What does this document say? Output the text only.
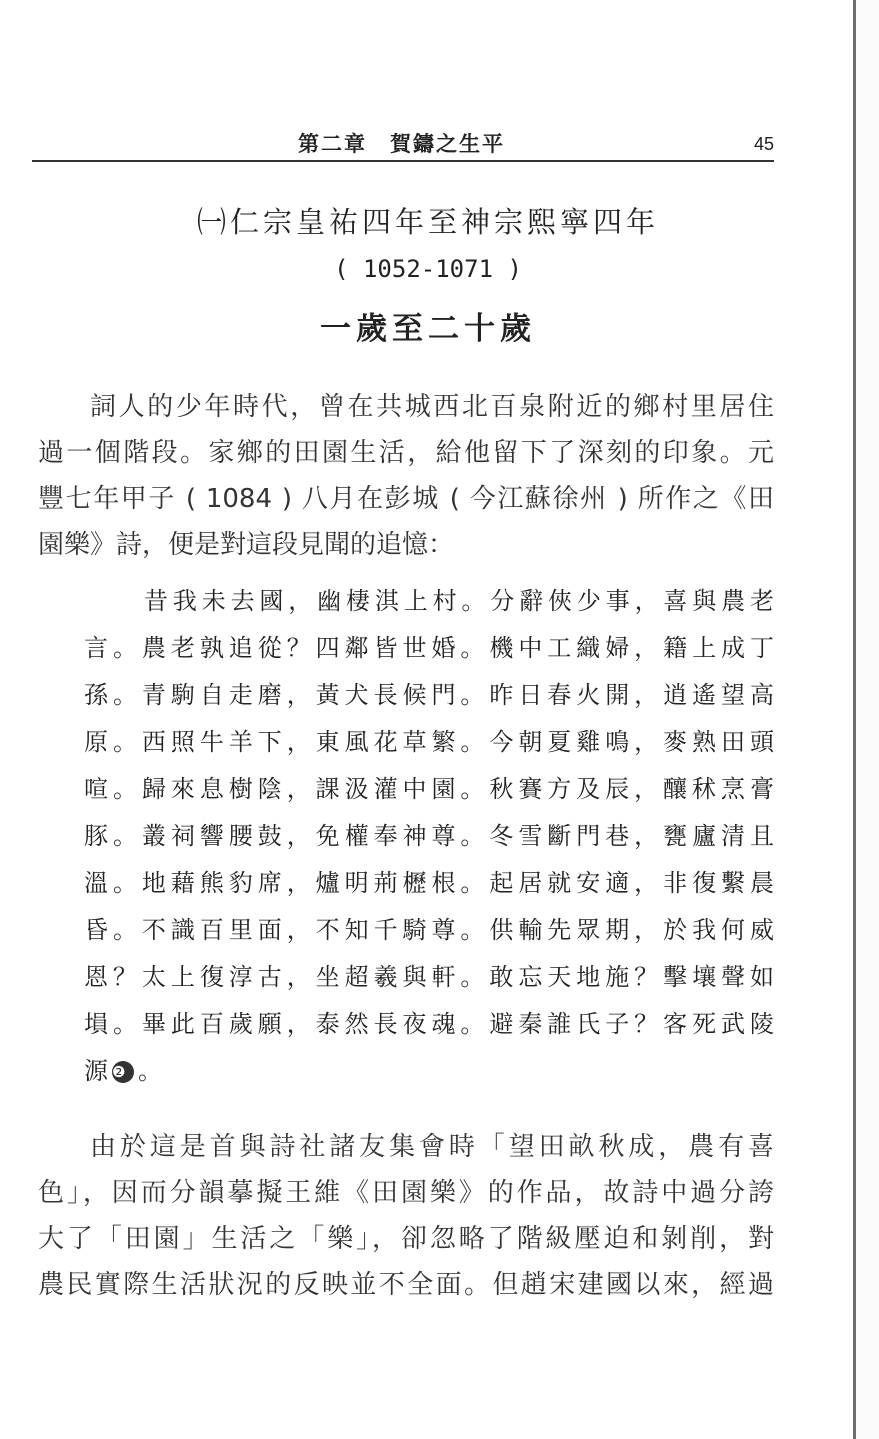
第二章　賀鑄之生平	45
㈠仁宗皇祐四年至神宗熙寧四年
( 1052-1071 )
一歲至二十歲
詞人的少年時代，曾在共城西北百泉附近的鄉村里居住
過一個階段。家鄉的田園生活，給他留下了深刻的印象。元
豐七年甲子 ( 1084 ) 八月在彭城 ( 今江蘇徐州 ) 所作之《田
園樂》詩，便是對這段見聞的追憶：
昔我未去國，幽棲淇上村。分辭俠少事，喜與農老
言。農老孰追從？四鄰皆世婚。機中工織婦，籍上成丁
孫。青駒自走磨，黃犬長候門。昨日春火開，逍遙望高
原。西照牛羊下，東風花草繁。今朝夏雞鳴，麥熟田頭
喧。歸來息樹陰，課汲灌中園。秋賽方及辰，釀秫烹膏
豚。叢祠響腰鼓，免權奉神尊。冬雪斷門巷，甕廬清且
溫。地藉熊豹席，爐明荊櫪根。起居就安適，非復繫晨
昏。不識百里面，不知千騎尊。供輸先眾期，於我何威
恩？太上復淳古，坐超羲與軒。敢忘天地施？擊壤聲如
塤。畢此百歲願，泰然長夜魂。避秦誰氏子？客死武陵
源 ❷ 。
由於這是首與詩社諸友集會時「望田畝秋成，農有喜
色」，因而分韻摹擬王維《田園樂》的作品，故詩中過分誇
大了「田園」生活之「樂」，卻忽略了階級壓迫和剝削，對
農民實際生活狀況的反映並不全面。但趙宋建國以來，經過
